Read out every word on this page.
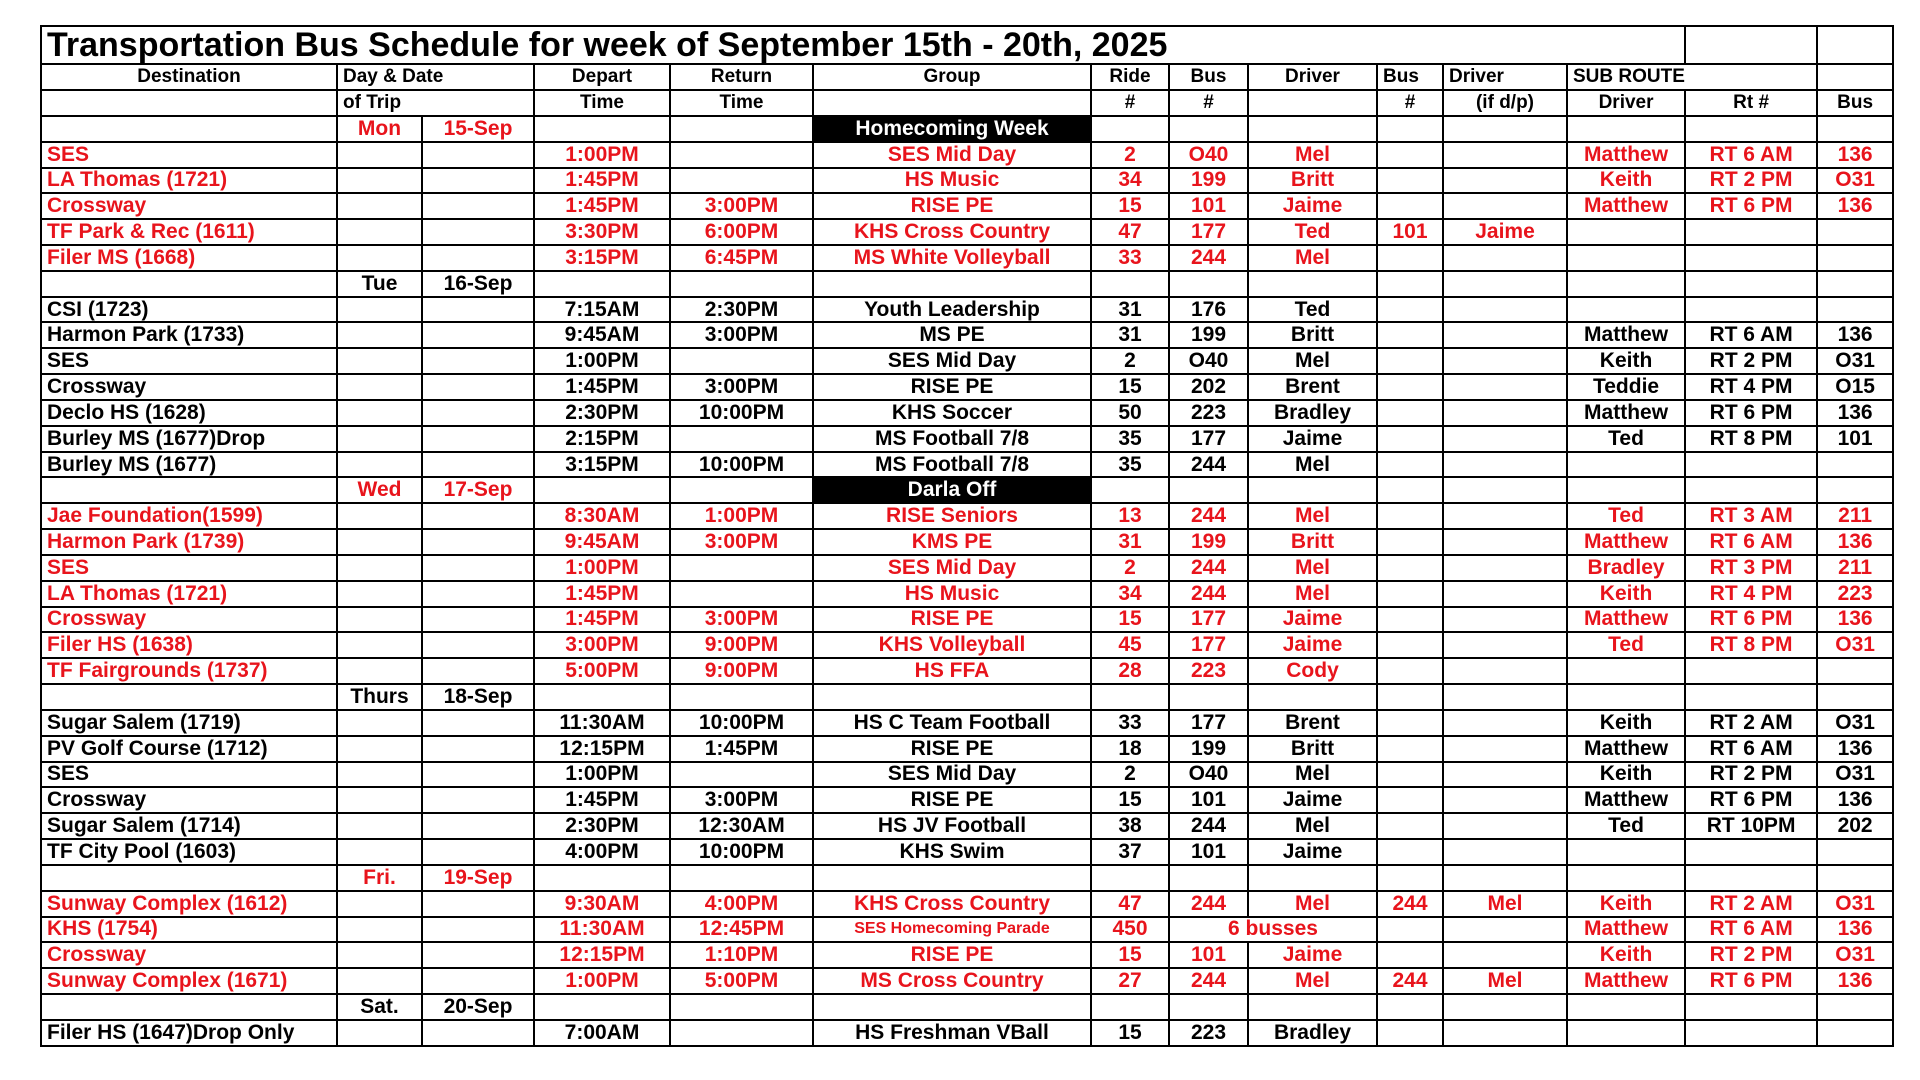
Transportation Bus Schedule for week of September 15th - 20th, 2025													
Destination	Day & Date		Depart	Return	Group	Ride	Bus	Driver	Bus	Driver	SUB ROUTE		
	of Trip		Time	Time		#	#		#	(if d/p)	Driver	Rt #	Bus
	Mon	15-Sep			Homecoming Week								
SES			1:00PM		SES Mid Day	2	O40	Mel			Matthew	RT 6 AM	136
LA Thomas (1721)			1:45PM		HS Music	34	199	Britt			Keith	RT 2 PM	O31
Crossway			1:45PM	3:00PM	RISE PE	15	101	Jaime			Matthew	RT 6 PM	136
TF Park & Rec (1611)			3:30PM	6:00PM	KHS Cross Country	47	177	Ted	101	Jaime			
Filer MS (1668)			3:15PM	6:45PM	MS White Volleyball	33	244	Mel					
	Tue	16-Sep											
CSI (1723)			7:15AM	2:30PM	Youth Leadership	31	176	Ted					
Harmon Park (1733)			9:45AM	3:00PM	MS PE	31	199	Britt			Matthew	RT 6 AM	136
SES			1:00PM		SES Mid Day	2	O40	Mel			Keith	RT 2 PM	O31
Crossway			1:45PM	3:00PM	RISE PE	15	202	Brent			Teddie	RT 4 PM	O15
Declo HS (1628)			2:30PM	10:00PM	KHS Soccer	50	223	Bradley			Matthew	RT 6 PM	136
Burley MS (1677)Drop			2:15PM		MS Football 7/8	35	177	Jaime			Ted	RT 8 PM	101
Burley MS (1677)			3:15PM	10:00PM	MS Football 7/8	35	244	Mel					
	Wed	17-Sep			Darla Off								
Jae Foundation(1599)			8:30AM	1:00PM	RISE Seniors	13	244	Mel			Ted	RT 3 AM	211
Harmon Park (1739)			9:45AM	3:00PM	KMS PE	31	199	Britt			Matthew	RT 6 AM	136
SES			1:00PM		SES Mid Day	2	244	Mel			Bradley	RT 3 PM	211
LA Thomas (1721)			1:45PM		HS Music	34	244	Mel			Keith	RT 4 PM	223
Crossway			1:45PM	3:00PM	RISE PE	15	177	Jaime			Matthew	RT 6 PM	136
Filer HS (1638)			3:00PM	9:00PM	KHS Volleyball	45	177	Jaime			Ted	RT 8 PM	O31
TF Fairgrounds (1737)			5:00PM	9:00PM	HS FFA	28	223	Cody					
	Thurs	18-Sep											
Sugar Salem (1719)			11:30AM	10:00PM	HS C Team Football	33	177	Brent			Keith	RT 2 AM	O31
PV Golf Course (1712)			12:15PM	1:45PM	RISE PE	18	199	Britt			Matthew	RT 6 AM	136
SES			1:00PM		SES Mid Day	2	O40	Mel			Keith	RT 2 PM	O31
Crossway			1:45PM	3:00PM	RISE PE	15	101	Jaime			Matthew	RT 6 PM	136
Sugar Salem (1714)			2:30PM	12:30AM	HS JV Football	38	244	Mel			Ted	RT 10PM	202
TF City Pool (1603)			4:00PM	10:00PM	KHS Swim	37	101	Jaime					
	Fri.	19-Sep											
Sunway Complex (1612)			9:30AM	4:00PM	KHS Cross Country	47	244	Mel	244	Mel	Keith	RT 2 AM	O31
KHS (1754)			11:30AM	12:45PM	SES Homecoming Parade	450	6 busses				Matthew	RT 6 AM	136
Crossway			12:15PM	1:10PM	RISE PE	15	101	Jaime			Keith	RT 2 PM	O31
Sunway Complex (1671)			1:00PM	5:00PM	MS Cross Country	27	244	Mel	244	Mel	Matthew	RT 6 PM	136
	Sat.	20-Sep											
Filer HS (1647)Drop Only			7:00AM		HS Freshman VBall	15	223	Bradley					
